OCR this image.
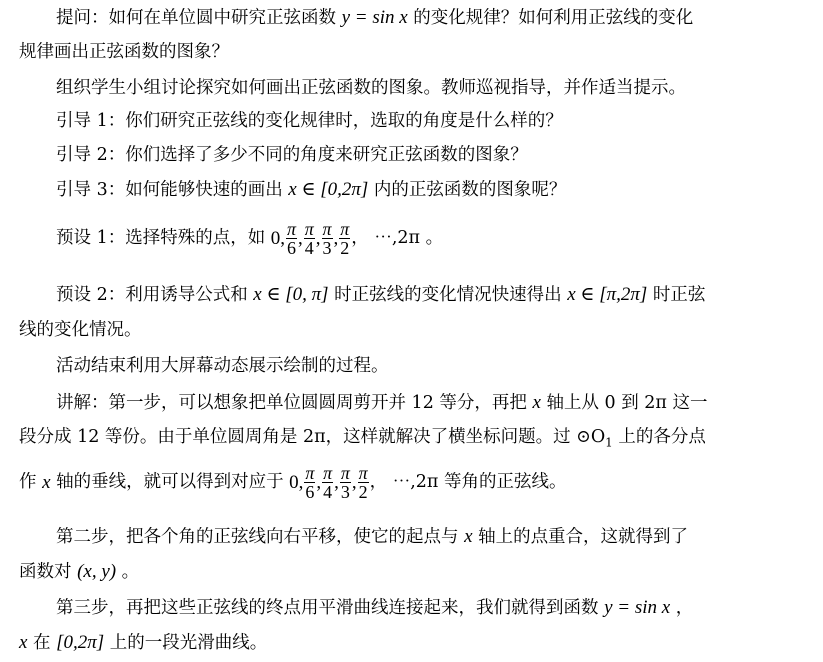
提问：如何在单位圆中研究正弦函数 y = sin x 的变化规律？如何利用正弦线的变化
规律画出正弦函数的图象？
组织学生小组讨论探究如何画出正弦函数的图象。教师巡视指导，并作适当提示。
引导 1：你们研究正弦线的变化规律时，选取的角度是什么样的？
引导 2：你们选择了多少不同的角度来研究正弦函数的图象？
引导 3：如何能够快速的画出 x ∈ [0,2π] 内的正弦函数的图象呢？
预设 1：选择特殊的点，如 0, $\frac{\pi}{6}$ , $\frac{\pi}{4}$ , $\frac{\pi}{3}$ , $\frac{\pi}{2}$ ， ⋯,2π 。
预设 2：利用诱导公式和 x ∈ [0, π] 时正弦线的变化情况快速得出 x ∈ [π,2π] 时正弦
线的变化情况。
活动结束利用大屏幕动态展示绘制的过程。
讲解：第一步，可以想象把单位圆圆周剪开并 12 等分，再把 x 轴上从 0 到 2π 这一
段分成 12 等份。由于单位圆周角是 2π，这样就解决了横坐标问题。过 $⊙O_1$ 上的各分点
作 x 轴的垂线，就可以得到对应于 0, $\frac{\pi}{6}$ , $\frac{\pi}{4}$ , $\frac{\pi}{3}$ , $\frac{\pi}{2}$ ， ⋯,2π 等角的正弦线。
第二步，把各个角的正弦线向右平移，使它的起点与 x 轴上的点重合，这就得到了
函数对 (x, y) 。
第三步，再把这些正弦线的终点用平滑曲线连接起来，我们就得到函数 y = sin x ，
x 在 [0,2π] 上的一段光滑曲线。
